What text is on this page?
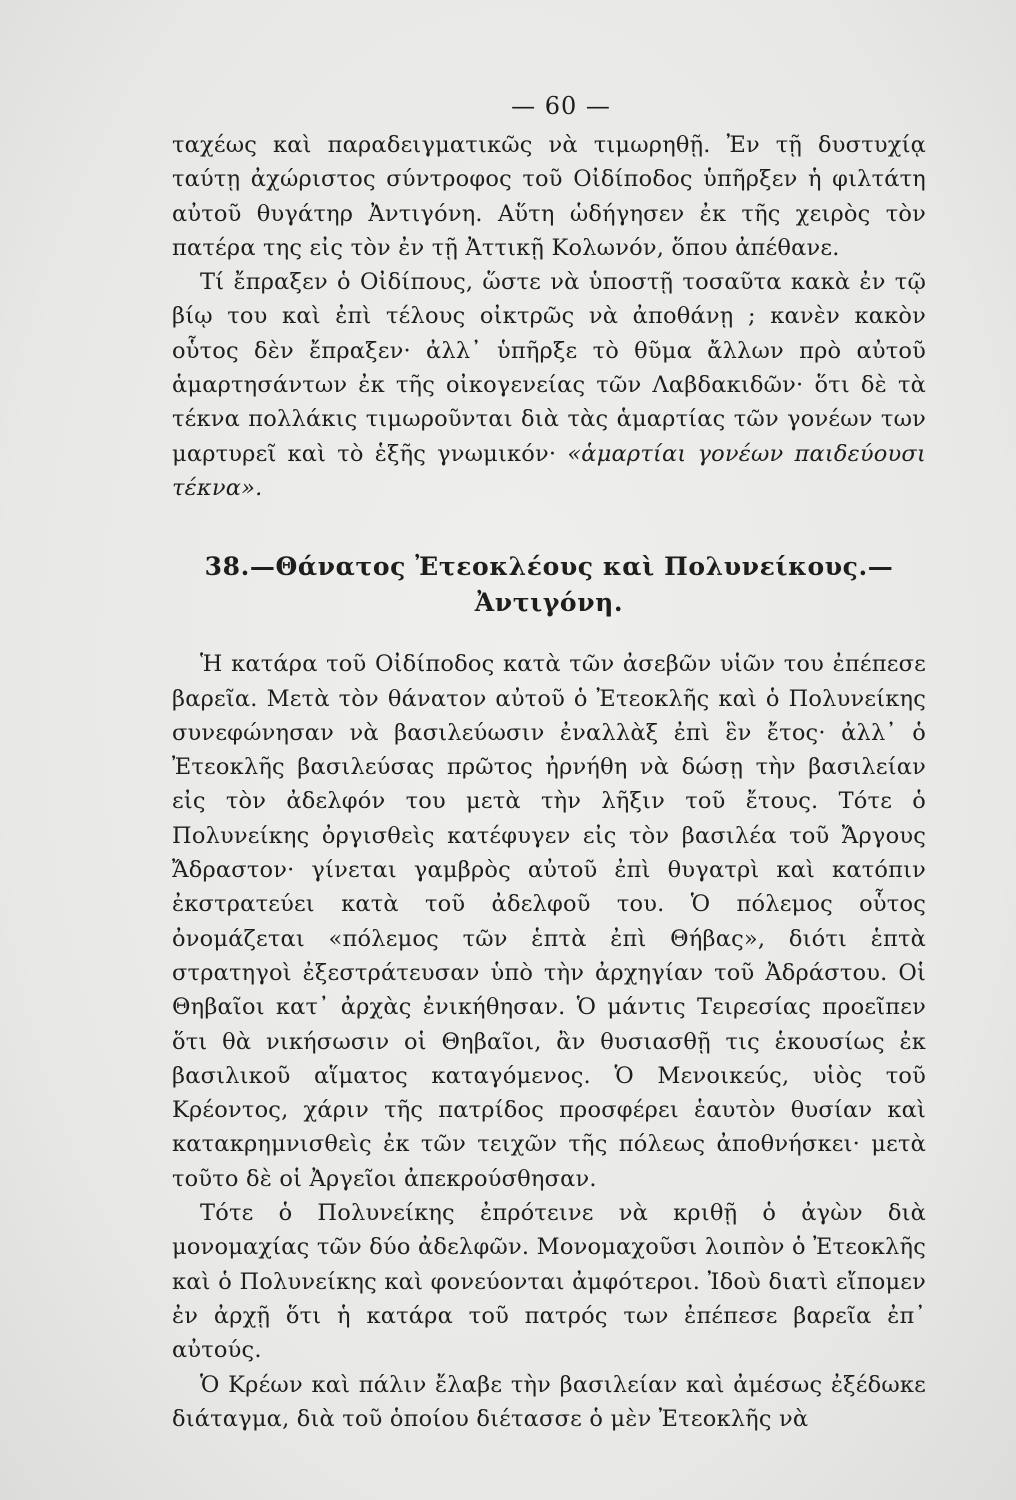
— 60 —

ταχέως καὶ παραδειγματικῶς νὰ τιμωρηθῇ. Ἐν τῇ δυστυχίᾳ ταύτῃ ἀχώριστος σύντροφος τοῦ Οἰδίποδος ὑπῆρξεν ἡ φιλτάτη αὐτοῦ θυγάτηρ Ἀντιγόνη. Αὕτη ὡδήγησεν ἐκ τῆς χειρὸς τὸν πατέρα της εἰς τὸν ἐν τῇ Ἀττικῇ Κολωνόν, ὅπου ἀπέθανε.

Τί ἔπραξεν ὁ Οἰδίπους, ὥστε νὰ ὑποστῇ τοσαῦτα κακὰ ἐν τῷ βίῳ του καὶ ἐπὶ τέλους οἰκτρῶς νὰ ἀποθάνῃ ; κανὲν κακὸν οὗτος δὲν ἔπραξεν· ἀλλ᾽ ὑπῆρξε τὸ θῦμα ἄλλων πρὸ αὐτοῦ ἁμαρτησάντων ἐκ τῆς οἰκογενείας τῶν Λαβδακιδῶν· ὅτι δὲ τὰ τέκνα πολλάκις τιμωροῦνται διὰ τὰς ἁμαρτίας τῶν γονέων των μαρτυρεῖ καὶ τὸ ἑξῆς γνωμικόν· «ἁμαρτίαι γονέων παιδεύουσι τέκνα».

38.—Θάνατος Ἐτεοκλέους καὶ Πολυνείκους.—
Ἀντιγόνη.

Ἡ κατάρα τοῦ Οἰδίποδος κατὰ τῶν ἀσεβῶν υἱῶν του ἐπέπεσε βαρεῖα. Μετὰ τὸν θάνατον αὐτοῦ ὁ Ἐτεοκλῆς καὶ ὁ Πολυνείκης συνεφώνησαν νὰ βασιλεύωσιν ἐναλλὰξ ἐπὶ ἓν ἔτος· ἀλλ᾽ ὁ Ἐτεοκλῆς βασιλεύσας πρῶτος ἠρνήθη νὰ δώσῃ τὴν βασιλείαν εἰς τὸν ἀδελφόν του μετὰ τὴν λῆξιν τοῦ ἔτους. Τότε ὁ Πολυνείκης ὀργισθεὶς κατέφυγεν εἰς τὸν βασιλέα τοῦ Ἄργους Ἄδραστον· γίνεται γαμβρὸς αὐτοῦ ἐπὶ θυγατρὶ καὶ κατόπιν ἐκστρατεύει κατὰ τοῦ ἀδελφοῦ του. Ὁ πόλεμος οὗτος ὀνομάζεται «πόλεμος τῶν ἑπτὰ ἐπὶ Θήβας», διότι ἑπτὰ στρατηγοὶ ἐξεστράτευσαν ὑπὸ τὴν ἀρχηγίαν τοῦ Ἀδράστου. Οἱ Θηβαῖοι κατ᾽ ἀρχὰς ἐνικήθησαν. Ὁ μάντις Τειρεσίας προεῖπεν ὅτι θὰ νικήσωσιν οἱ Θηβαῖοι, ἂν θυσιασθῇ τις ἑκουσίως ἐκ βασιλικοῦ αἵματος καταγόμενος. Ὁ Μενοικεύς, υἱὸς τοῦ Κρέοντος, χάριν τῆς πατρίδος προσφέρει ἑαυτὸν θυσίαν καὶ κατακρημνισθεὶς ἐκ τῶν τειχῶν τῆς πόλεως ἀποθνήσκει· μετὰ τοῦτο δὲ οἱ Ἀργεῖοι ἀπεκρούσθησαν.

Τότε ὁ Πολυνείκης ἐπρότεινε νὰ κριθῇ ὁ ἀγὼν διὰ μονομαχίας τῶν δύο ἀδελφῶν. Μονομαχοῦσι λοιπὸν ὁ Ἐτεοκλῆς καὶ ὁ Πολυνείκης καὶ φονεύονται ἀμφότεροι. Ἰδοὺ διατὶ εἴπομεν ἐν ἀρχῇ ὅτι ἡ κατάρα τοῦ πατρός των ἐπέπεσε βαρεῖα ἐπ᾽ αὐτούς.

Ὁ Κρέων καὶ πάλιν ἔλαβε τὴν βασιλείαν καὶ ἀμέσως ἐξέδωκε διάταγμα, διὰ τοῦ ὁποίου διέτασσε ὁ μὲν Ἐτεοκλῆς νὰ
